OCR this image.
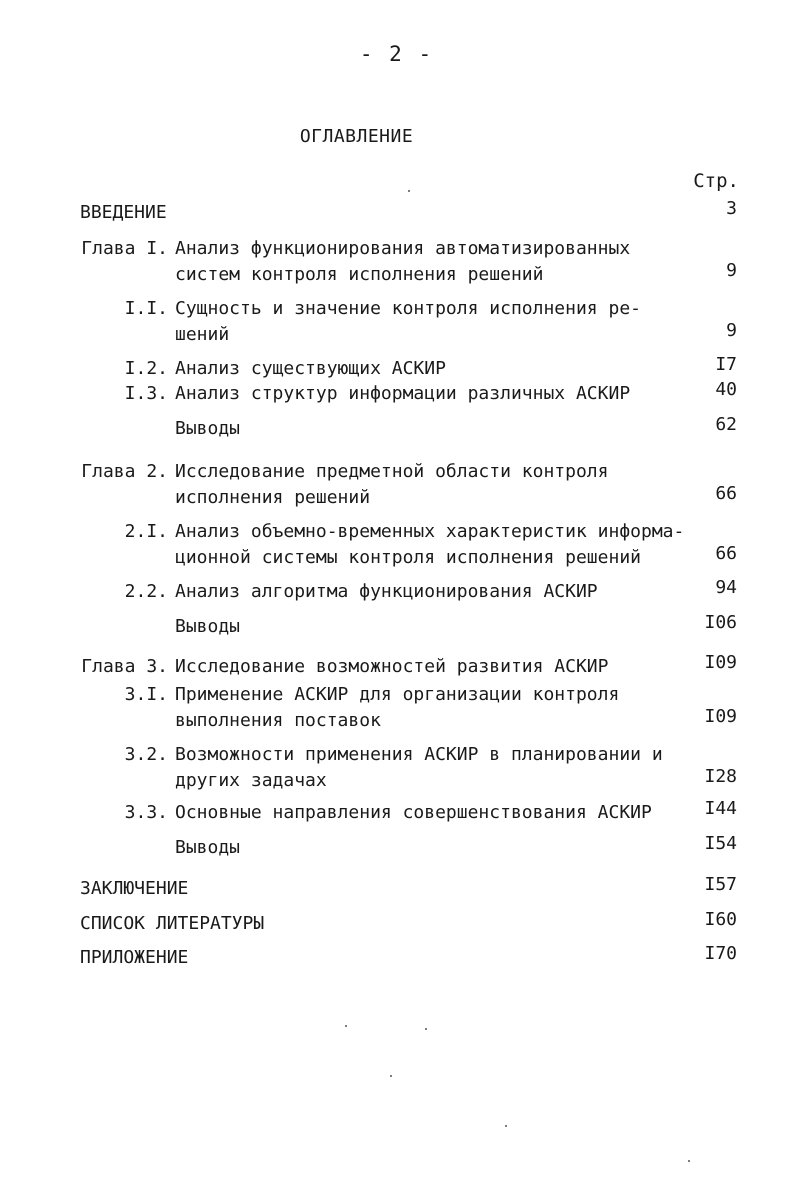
- 2 -
ОГЛАВЛЕНИЕ
Стр.
ВВЕДЕНИЕ	3
Глава I. Анализ функционирования автоматизированных
систем контроля исполнения решений	9
I.I. Сущность и значение контроля исполнения ре-
шений	9
I.2. Анализ существующих АСКИР	I7
I.3. Анализ структур информации различных АСКИР	40
Выводы	62
Глава 2. Исследование предметной области контроля
исполнения решений	66
2.I. Анализ объемно-временных характеристик информа-
ционной системы контроля исполнения решений	66
2.2. Анализ алгоритма функционирования АСКИР	94
Выводы	I06
Глава 3. Исследование возможностей развития АСКИР	I09
3.I. Применение АСКИР для организации контроля
выполнения поставок	I09
3.2. Возможности применения АСКИР в планировании и
других задачах	I28
3.3. Основные направления совершенствования АСКИР	I44
Выводы	I54
ЗАКЛЮЧЕНИЕ	I57
СПИСОК ЛИТЕРАТУРЫ	I60
ПРИЛОЖЕНИЕ	I70
